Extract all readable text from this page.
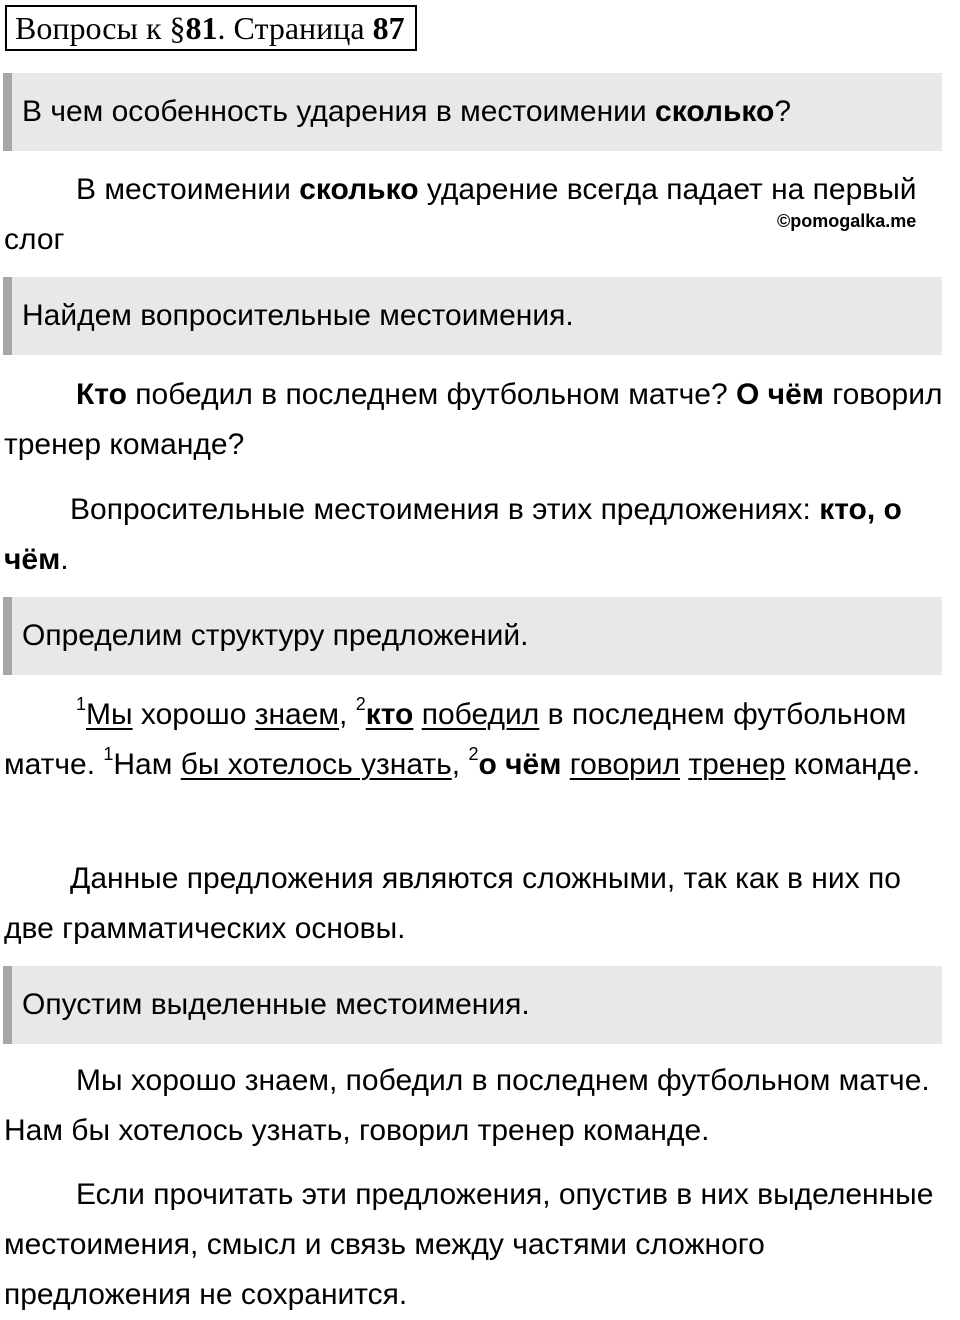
Вопросы к §81. Страница 87
В чем особенность ударения в местоимении сколько?

В местоимении сколько ударение всегда падает на первый слог

©pomogalka.me
Найдем вопросительные местоимения.

Кто победил в последнем футбольном матче? О чём говорил тренер команде?

Вопросительные местоимения в этих предложениях: кто, о чём.

Определим структуру предложений.

$^1$Мы хорошо знаем, $^2$кто победил в последнем футбольном матче. $^1$Нам бы хотелось узнать, $^2$о чём говорил тренер команде.

Данные предложения являются сложными, так как в них по две грамматических основы.

Опустим выделенные местоимения.

Мы хорошо знаем, победил в последнем футбольном матче. Нам бы хотелось узнать, говорил тренер команде.

Если прочитать эти предложения, опустив в них выделенные местоимения, смысл и связь между частями сложного предложения не сохранится.
